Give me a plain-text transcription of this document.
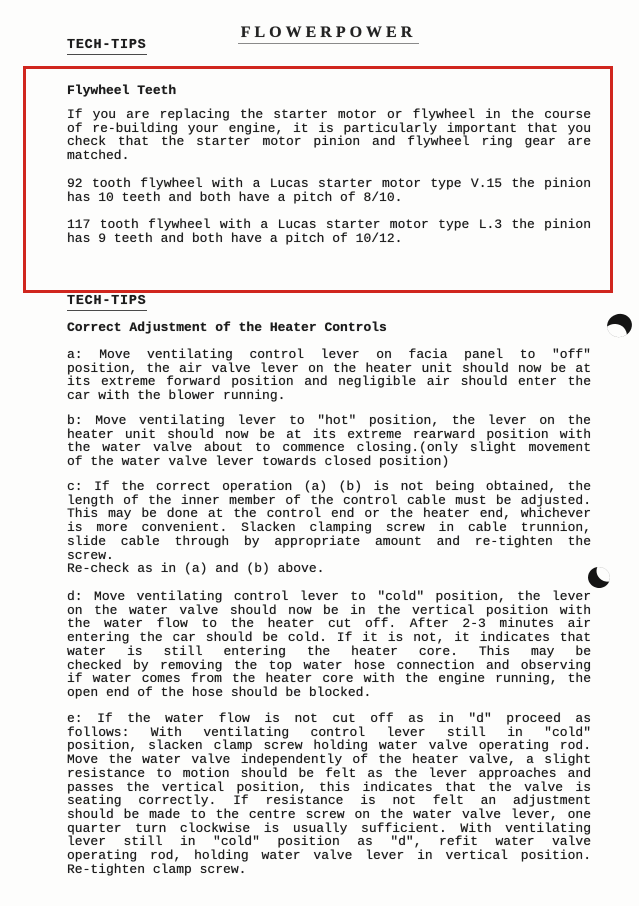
FLOWERPOWER
TECH-TIPS
Flywheel Teeth
If you are replacing the starter motor or flywheel in the course
of re-building your engine, it is particularly important that you
check that the starter motor pinion and flywheel ring gear are
matched.
92 tooth flywheel with a Lucas starter motor type V.15 the pinion
has 10 teeth and both have a pitch of 8/10.
117 tooth flywheel with a Lucas starter motor type L.3 the pinion
has 9 teeth and both have a pitch of 10/12.
TECH-TIPS
Correct Adjustment of the Heater Controls
a: Move ventilating control lever on facia panel to "off"
position, the air valve lever on the heater unit should now be at
its extreme forward position and negligible air should enter the
car with the blower running.
b: Move ventilating lever to "hot" position, the lever on the
heater unit should now be at its extreme rearward position with
the water valve about to commence closing.(only slight movement
of the water valve lever towards closed position)
c: If the correct operation (a) (b) is not being obtained, the
length of the inner member of the control cable must be adjusted.
This may be done at the control end or the heater end, whichever
is more convenient. Slacken clamping screw in cable trunnion,
slide cable through by appropriate amount and re-tighten the
screw.
Re-check as in (a) and (b) above.
d: Move ventilating control lever to "cold" position, the lever
on the water valve should now be in the vertical position with
the water flow to the heater cut off. After 2-3 minutes air
entering the car should be cold. If it is not, it indicates that
water is still entering the heater core. This may be
checked by removing the top water hose connection and observing
if water comes from the heater core with the engine running, the
open end of the hose should be blocked.
e: If the water flow is not cut off as in "d" proceed as
follows: With ventilating control lever still in "cold"
position, slacken clamp screw holding water valve operating rod.
Move the water valve independently of the heater valve, a slight
resistance to motion should be felt as the lever approaches and
passes the vertical position, this indicates that the valve is
seating correctly. If resistance is not felt an adjustment
should be made to the centre screw on the water valve lever, one
quarter turn clockwise is usually sufficient. With ventilating
lever still in "cold" position as "d", refit water valve
operating rod, holding water valve lever in vertical position.
Re-tighten clamp screw.
